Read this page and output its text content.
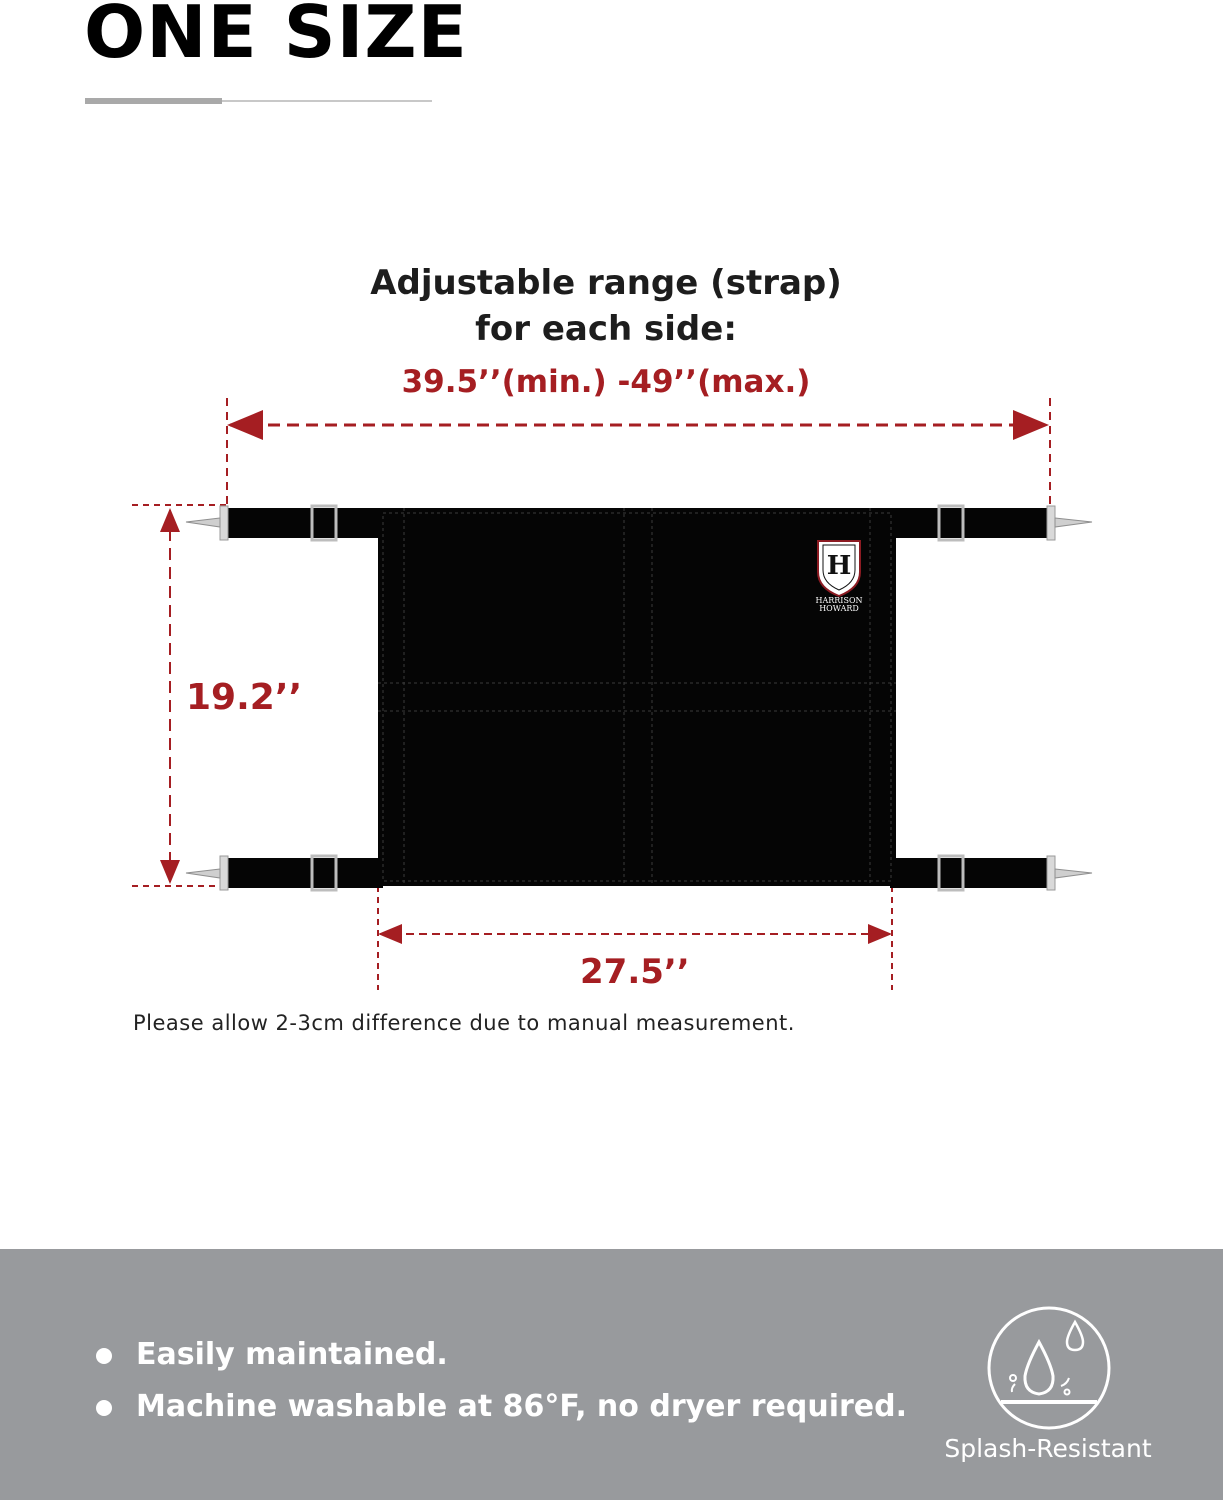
ONE SIZE

Adjustable range (strap)

for each side:

39.5’’(min.) -49’’(max.)
H
HARRISON
HOWARD
19.2’’
27.5’’
Please allow 2-3cm difference due to manual measurement.
Easily maintained.
Machine washable at 86°F, no dryer required.
Splash-Resistant
